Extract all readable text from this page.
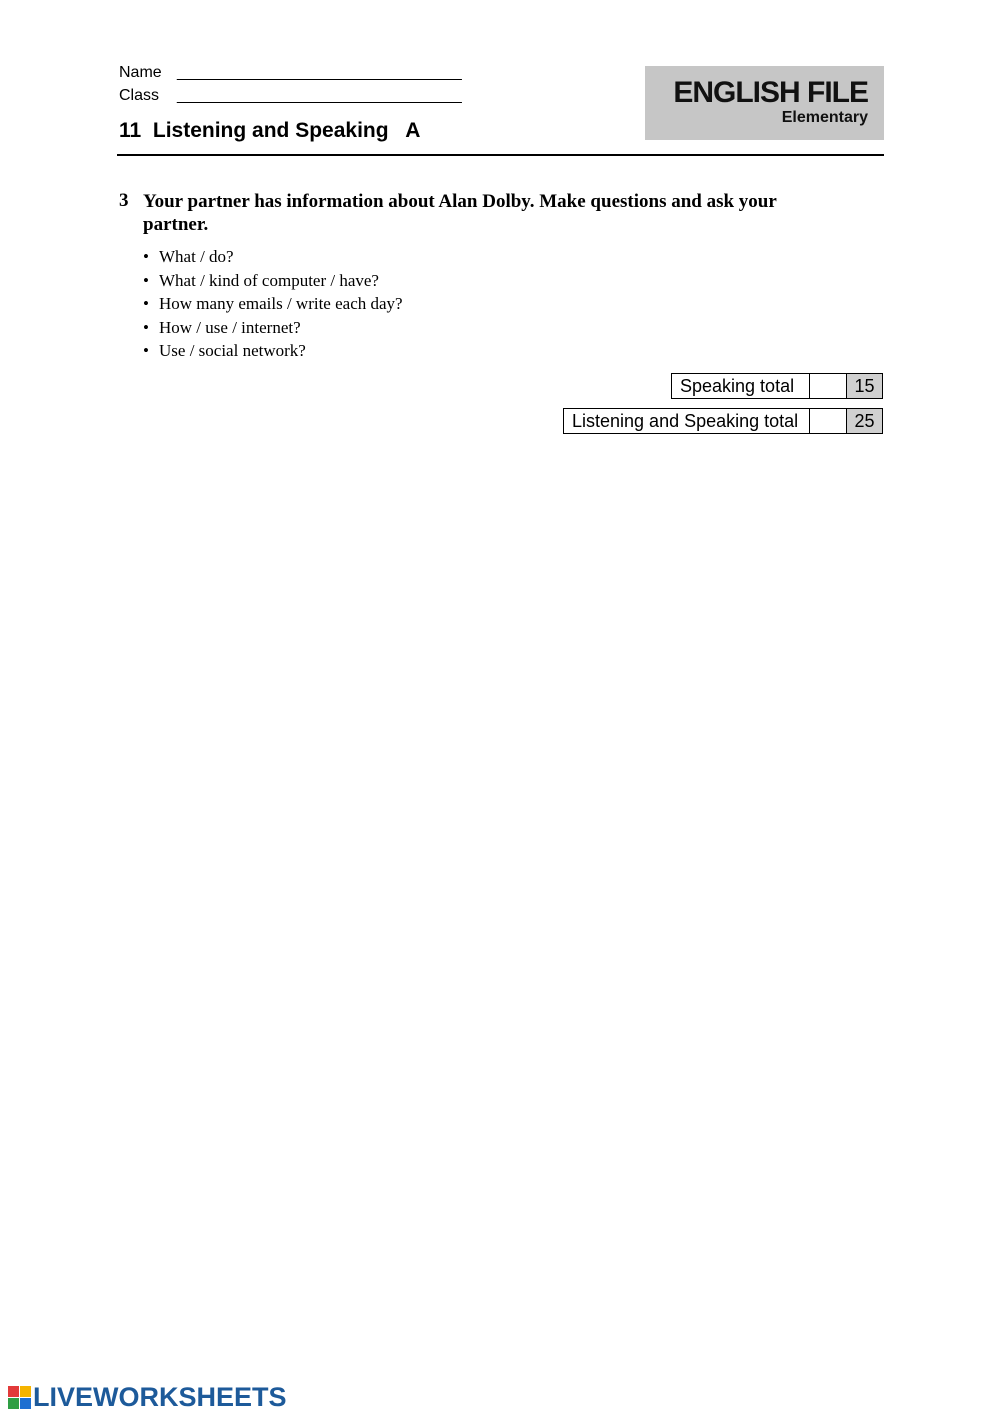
Name ________________________________
Class ________________________________
11  Listening and Speaking   A
ENGLISH FILE
Elementary
3 Your partner has information about Alan Dolby. Make questions and ask your partner.
• What / do?
• What / kind of computer / have?
• How many emails / write each day?
• How / use / internet?
• Use / social network?
Speaking total	15
Listening and Speaking total	25
LIVEWORKSHEETS
